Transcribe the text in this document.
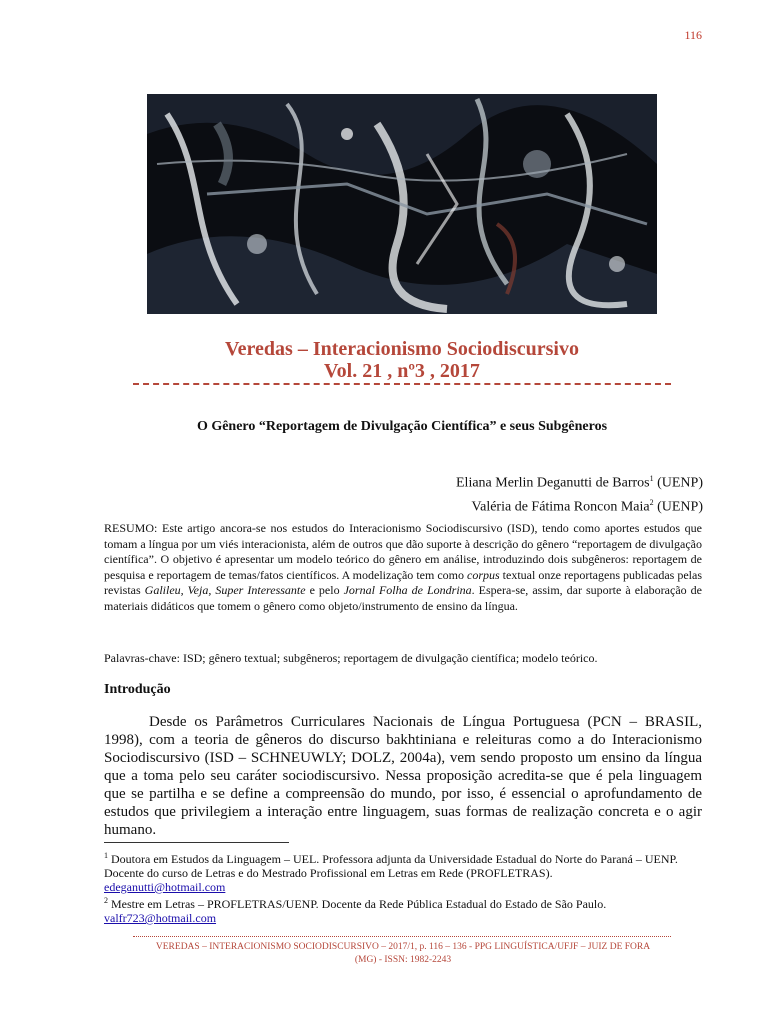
116
Veredas – Interacionismo Sociodiscursivo
Vol. 21 , nº3 , 2017
O Gênero “Reportagem de Divulgação Científica” e seus Subgêneros
Eliana Merlin Deganutti de Barros$^1$ (UENP)
Valéria de Fátima Roncon Maia$^2$ (UENP)
RESUMO: Este artigo ancora-se nos estudos do Interacionismo Sociodiscursivo (ISD), tendo como aportes estudos que tomam a língua por um viés interacionista, além de outros que dão suporte à descrição do gênero “reportagem de divulgação científica”. O objetivo é apresentar um modelo teórico do gênero em análise, introduzindo dois subgêneros: reportagem de pesquisa e reportagem de temas/fatos científicos. A modelização tem como corpus textual onze reportagens publicadas pelas revistas Galileu, Veja, Super Interessante e pelo Jornal Folha de Londrina. Espera-se, assim, dar suporte à elaboração de materiais didáticos que tomem o gênero como objeto/instrumento de ensino da língua.
Palavras-chave: ISD; gênero textual; subgêneros; reportagem de divulgação científica; modelo teórico.
Introdução
Desde os Parâmetros Curriculares Nacionais de Língua Portuguesa (PCN – BRASIL, 1998), com a teoria de gêneros do discurso bakhtiniana e releituras como a do Interacionismo Sociodiscursivo (ISD – SCHNEUWLY; DOLZ, 2004a), vem sendo proposto um ensino da língua que a toma pelo seu caráter sociodiscursivo. Nessa proposição acredita-se que é pela linguagem que se partilha e se define a compreensão do mundo, por isso, é essencial o aprofundamento de estudos que privilegiem a interação entre linguagem, suas formas de realização concreta e o agir humano.
$^1$ Doutora em Estudos da Linguagem – UEL. Professora adjunta da Universidade Estadual do Norte do Paraná – UENP. Docente do curso de Letras e do Mestrado Profissional em Letras em Rede (PROFLETRAS).
edeganutti@hotmail.com
$^2$ Mestre em Letras – PROFLETRAS/UENP. Docente da Rede Pública Estadual do Estado de São Paulo.
valfr723@hotmail.com
VEREDAS – INTERACIONISMO SOCIODISCURSIVO – 2017/1, p. 116 – 136 - PPG LINGUÍSTICA/UFJF – JUIZ DE FORA
(MG) - ISSN: 1982-2243
